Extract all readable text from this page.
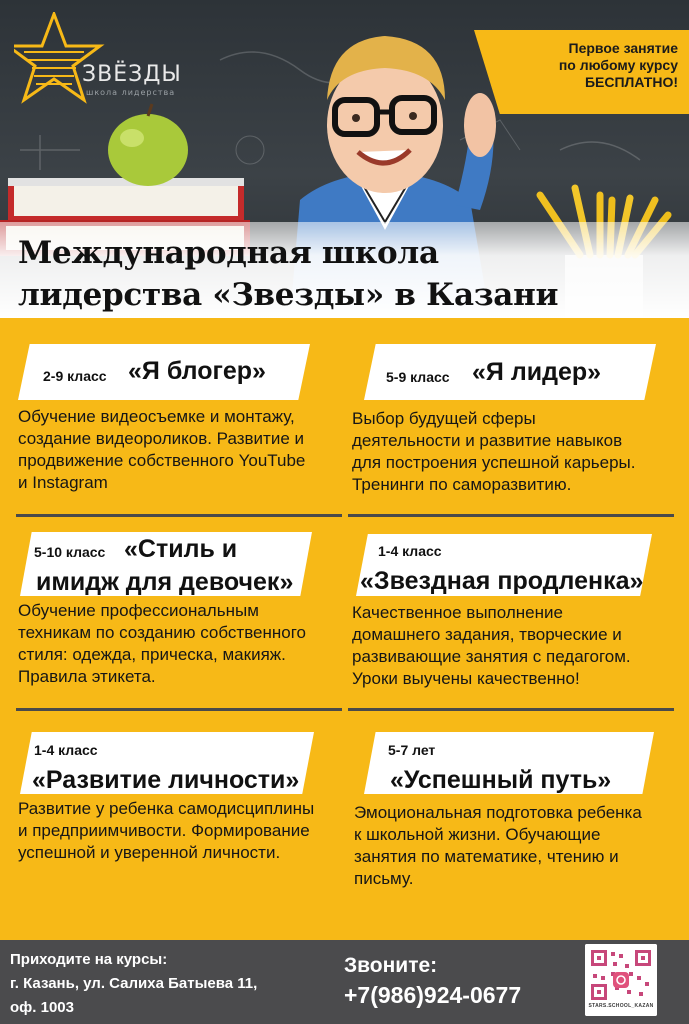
ЗВЁЗДЫ
школа лидерства
Первое занятие
по любому курсу
БЕСПЛАТНО!
Международная школа
лидерства «Звезды» в Казани
2-9 класс «Я блогер»
Обучение видеосъемке и монтажу,
создание видеороликов. Развитие и
продвижение собственного YouTube
и Instagram
5-9 класс «Я лидер»
Выбор будущей сферы
деятельности и развитие навыков
для построения успешной карьеры.
Тренинги по саморазвитию.
5-10 класс «Стиль и
имидж для девочек»
Обучение профессиональным
техникам по созданию собственного
стиля: одежда, прическа, макияж.
Правила этикета.
1-4 класс
«Звездная продленка»
Качественное выполнение
домашнего задания, творческие и
развивающие занятия с педагогом.
Уроки выучены качественно!
1-4 класс
«Развитие личности»
Развитие у ребенка самодисциплины
и предприимчивости. Формирование
успешной и уверенной личности.
5-7 лет
«Успешный путь»
Эмоциональная подготовка ребенка
к школьной жизни. Обучающие
занятия по математике, чтению и
письму.
Приходите на курсы:
г. Казань, ул. Салиха Батыева 11,
оф. 1003
Звоните:
+7(986)924-0677	STARS.SCHOOL_KAZAN
